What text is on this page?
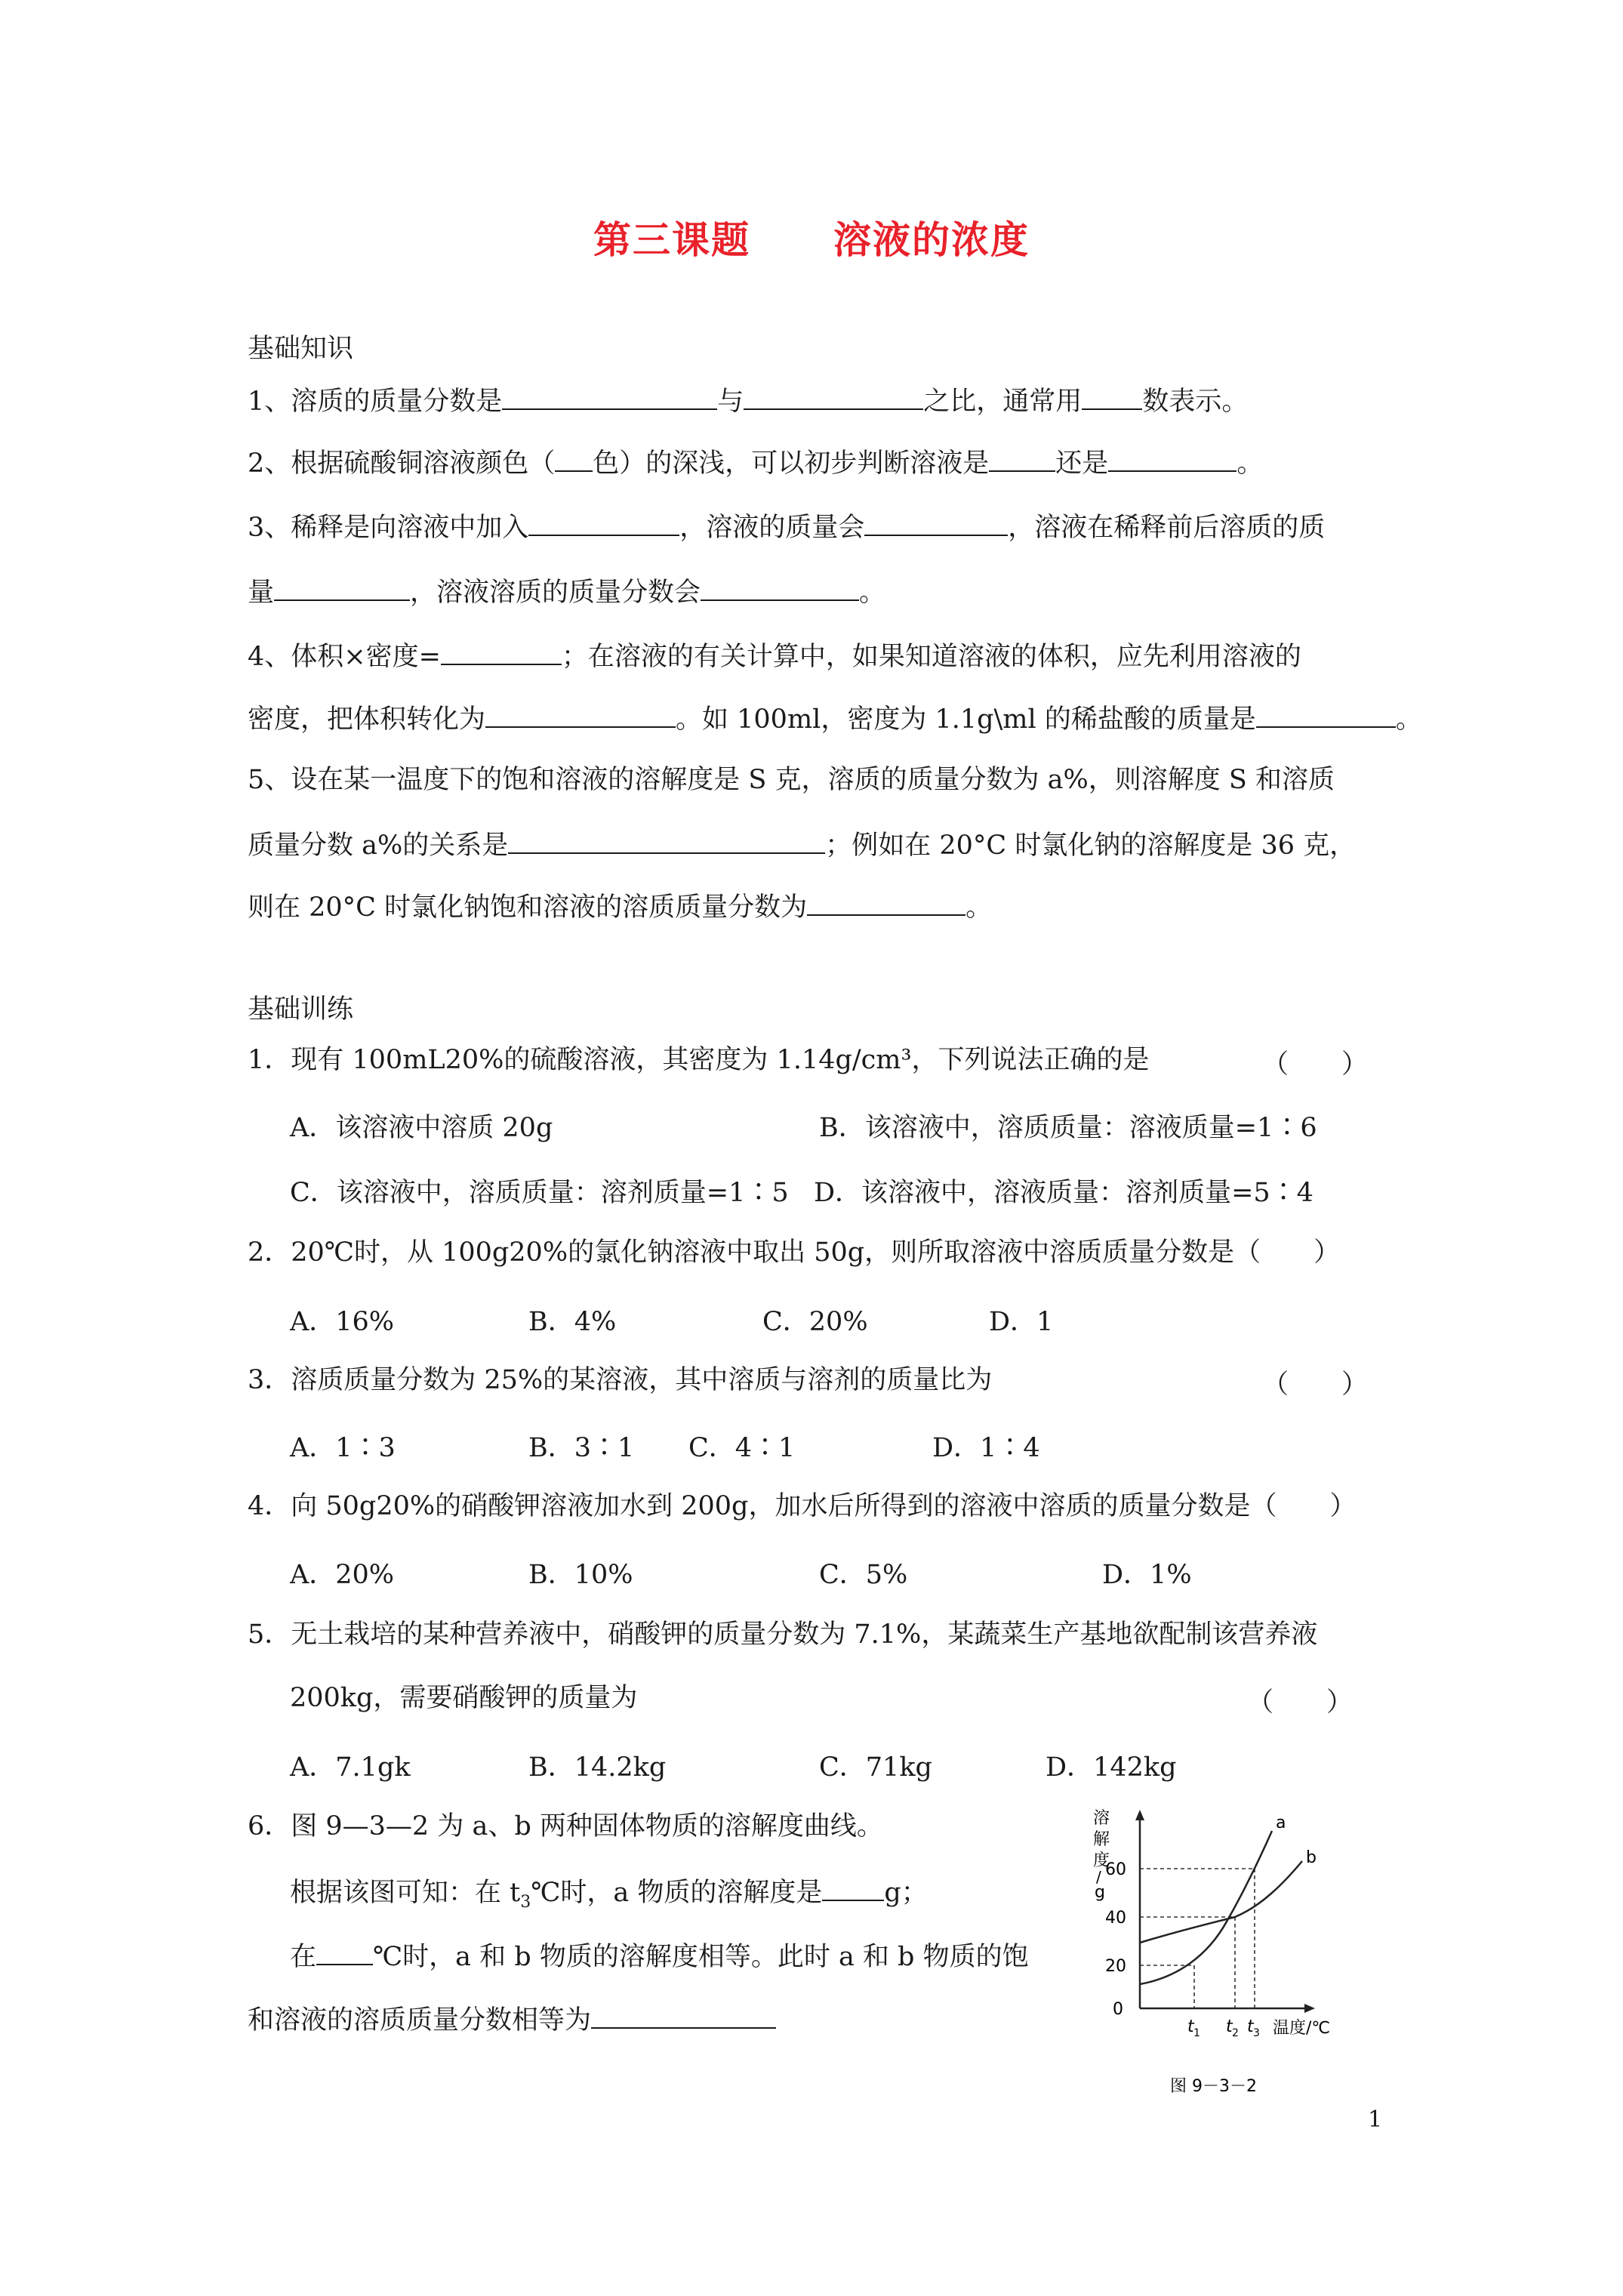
第三课题 溶液的浓度
基础知识
1、溶质的质量分数是	与	之比，通常用 数表示。
2、根据硫酸铜溶液颜色（ 色）的深浅，可以初步判断溶液是	还是	。
3、稀释是向溶液中加入	，溶液的质量会	，溶液在稀释前后溶质的质
量	，溶液溶质的质量分数会	。
4、体积×密度=	；在溶液的有关计算中，如果知道溶液的体积，应先利用溶液的
密度，把体积转化为	。如 100ml，密度为 1.1g\ml 的稀盐酸的质量是	。
5、设在某一温度下的饱和溶液的溶解度是 S 克，溶质的质量分数为 a%，则溶解度 S 和溶质
质量分数 a%的关系是	；例如在 20°C 时氯化钠的溶解度是 36 克，
则在 20°C 时氯化钠饱和溶液的溶质质量分数为	。
基础训练
1．现有 100mL20%的硫酸溶液，其密度为 1.14g/cm³，下列说法正确的是	（　　）
A．该溶液中溶质 20g	B．该溶液中，溶质质量：溶液质量=1∶6
C．该溶液中，溶质质量：溶剂质量=1∶5 D．该溶液中，溶液质量：溶剂质量=5∶4
2．20℃时，从 100g20%的氯化钠溶液中取出 50g，则所取溶液中溶质质量分数是（　　）
A．16%	B．4%	C．20%	D．1
3．溶质质量分数为 25%的某溶液，其中溶质与溶剂的质量比为	（　　）
A．1∶3	B．3∶1 C．4∶1	D．1∶4
4．向 50g20%的硝酸钾溶液加水到 200g，加水后所得到的溶液中溶质的质量分数是（　　）
A．20%	B．10%	C．5%	D．1%
5．无土栽培的某种营养液中，硝酸钾的质量分数为 7.1%，某蔬菜生产基地欲配制该营养液
200kg，需要硝酸钾的质量为	（　　）
A．7.1gk	B．14.2kg	C．71kg	D．142kg
6．图 9—3—2 为 a、b 两种固体物质的溶解度曲线。
根据该图可知：在 $t_3℃$时，a 物质的溶解度是 g；
在 ℃时，a 和 b 物质的溶解度相等。此时 a 和 b 物质的饱
和溶液的溶质质量分数相等为
溶
解
度
/
g
0
20
40
60
a
b
t 1 t 2 t 3 温度/℃
图 9－3－2
1
